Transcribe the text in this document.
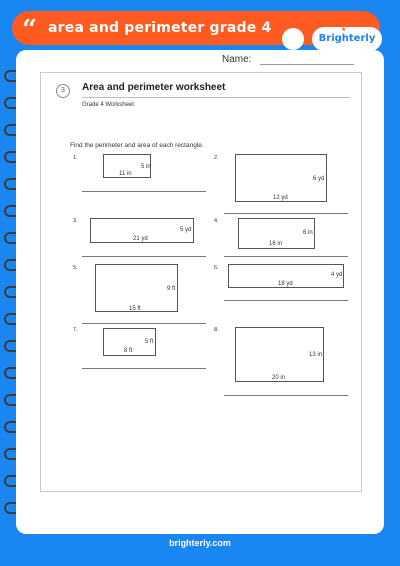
“ area and perimeter grade 4	★
Brighterly
Name:
3	Area and perimeter worksheet
Grade 4 Worksheet
Find the perimeter and area of each rectangle.
1.
5 in
11 in
2.
6 yd
12 yd
3.
5 yd
21 yd
4.
6 in
16 in
5.
9 ft
15 ft
6.
4 yd
18 yd
7.
5 ft
8 ft
8.
13 in
20 in
brighterly.com
